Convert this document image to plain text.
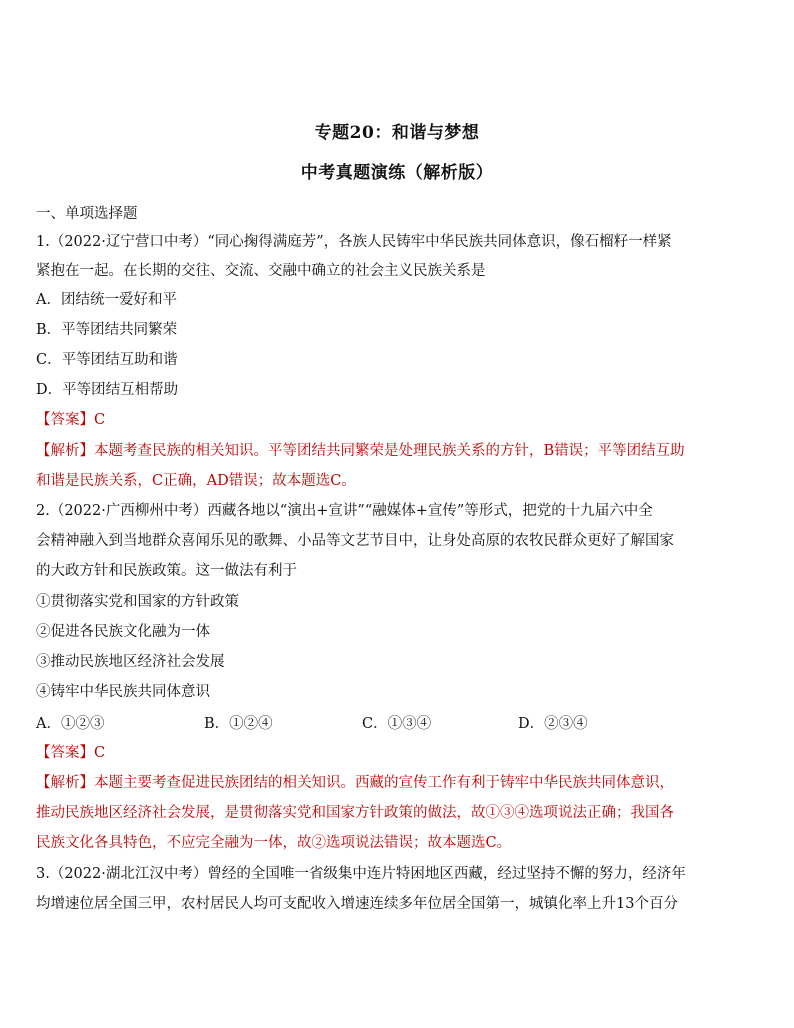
专题20：和谐与梦想
中考真题演练（解析版）
一、单项选择题
1.（2022·辽宁营口中考）“同心掬得满庭芳”，各族人民铸牢中华民族共同体意识，像石榴籽一样紧
紧抱在一起。在长期的交往、交流、交融中确立的社会主义民族关系是
A．团结统一爱好和平
B．平等团结共同繁荣
C．平等团结互助和谐
D．平等团结互相帮助
【答案】C
【解析】本题考查民族的相关知识。平等团结共同繁荣是处理民族关系的方针，B错误；平等团结互助
和谐是民族关系，C正确，AD错误；故本题选C。
2.（2022·广西柳州中考）西藏各地以“演出+宣讲”“融媒体+宣传”等形式，把党的十九届六中全
会精神融入到当地群众喜闻乐见的歌舞、小品等文艺节目中，让身处高原的农牧民群众更好了解国家
的大政方针和民族政策。这一做法有利于
①贯彻落实党和国家的方针政策
②促进各民族文化融为一体
③推动民族地区经济社会发展
④铸牢中华民族共同体意识
A．①②③	B．①②④	C．①③④	D．②③④
【答案】C
【解析】本题主要考查促进民族团结的相关知识。西藏的宣传工作有利于铸牢中华民族共同体意识，
推动民族地区经济社会发展，是贯彻落实党和国家方针政策的做法，故①③④选项说法正确；我国各
民族文化各具特色，不应完全融为一体，故②选项说法错误；故本题选C。
3.（2022·湖北江汉中考）曾经的全国唯一省级集中连片特困地区西藏，经过坚持不懈的努力，经济年
均增速位居全国三甲，农村居民人均可支配收入增速连续多年位居全国第一，城镇化率上升13个百分
